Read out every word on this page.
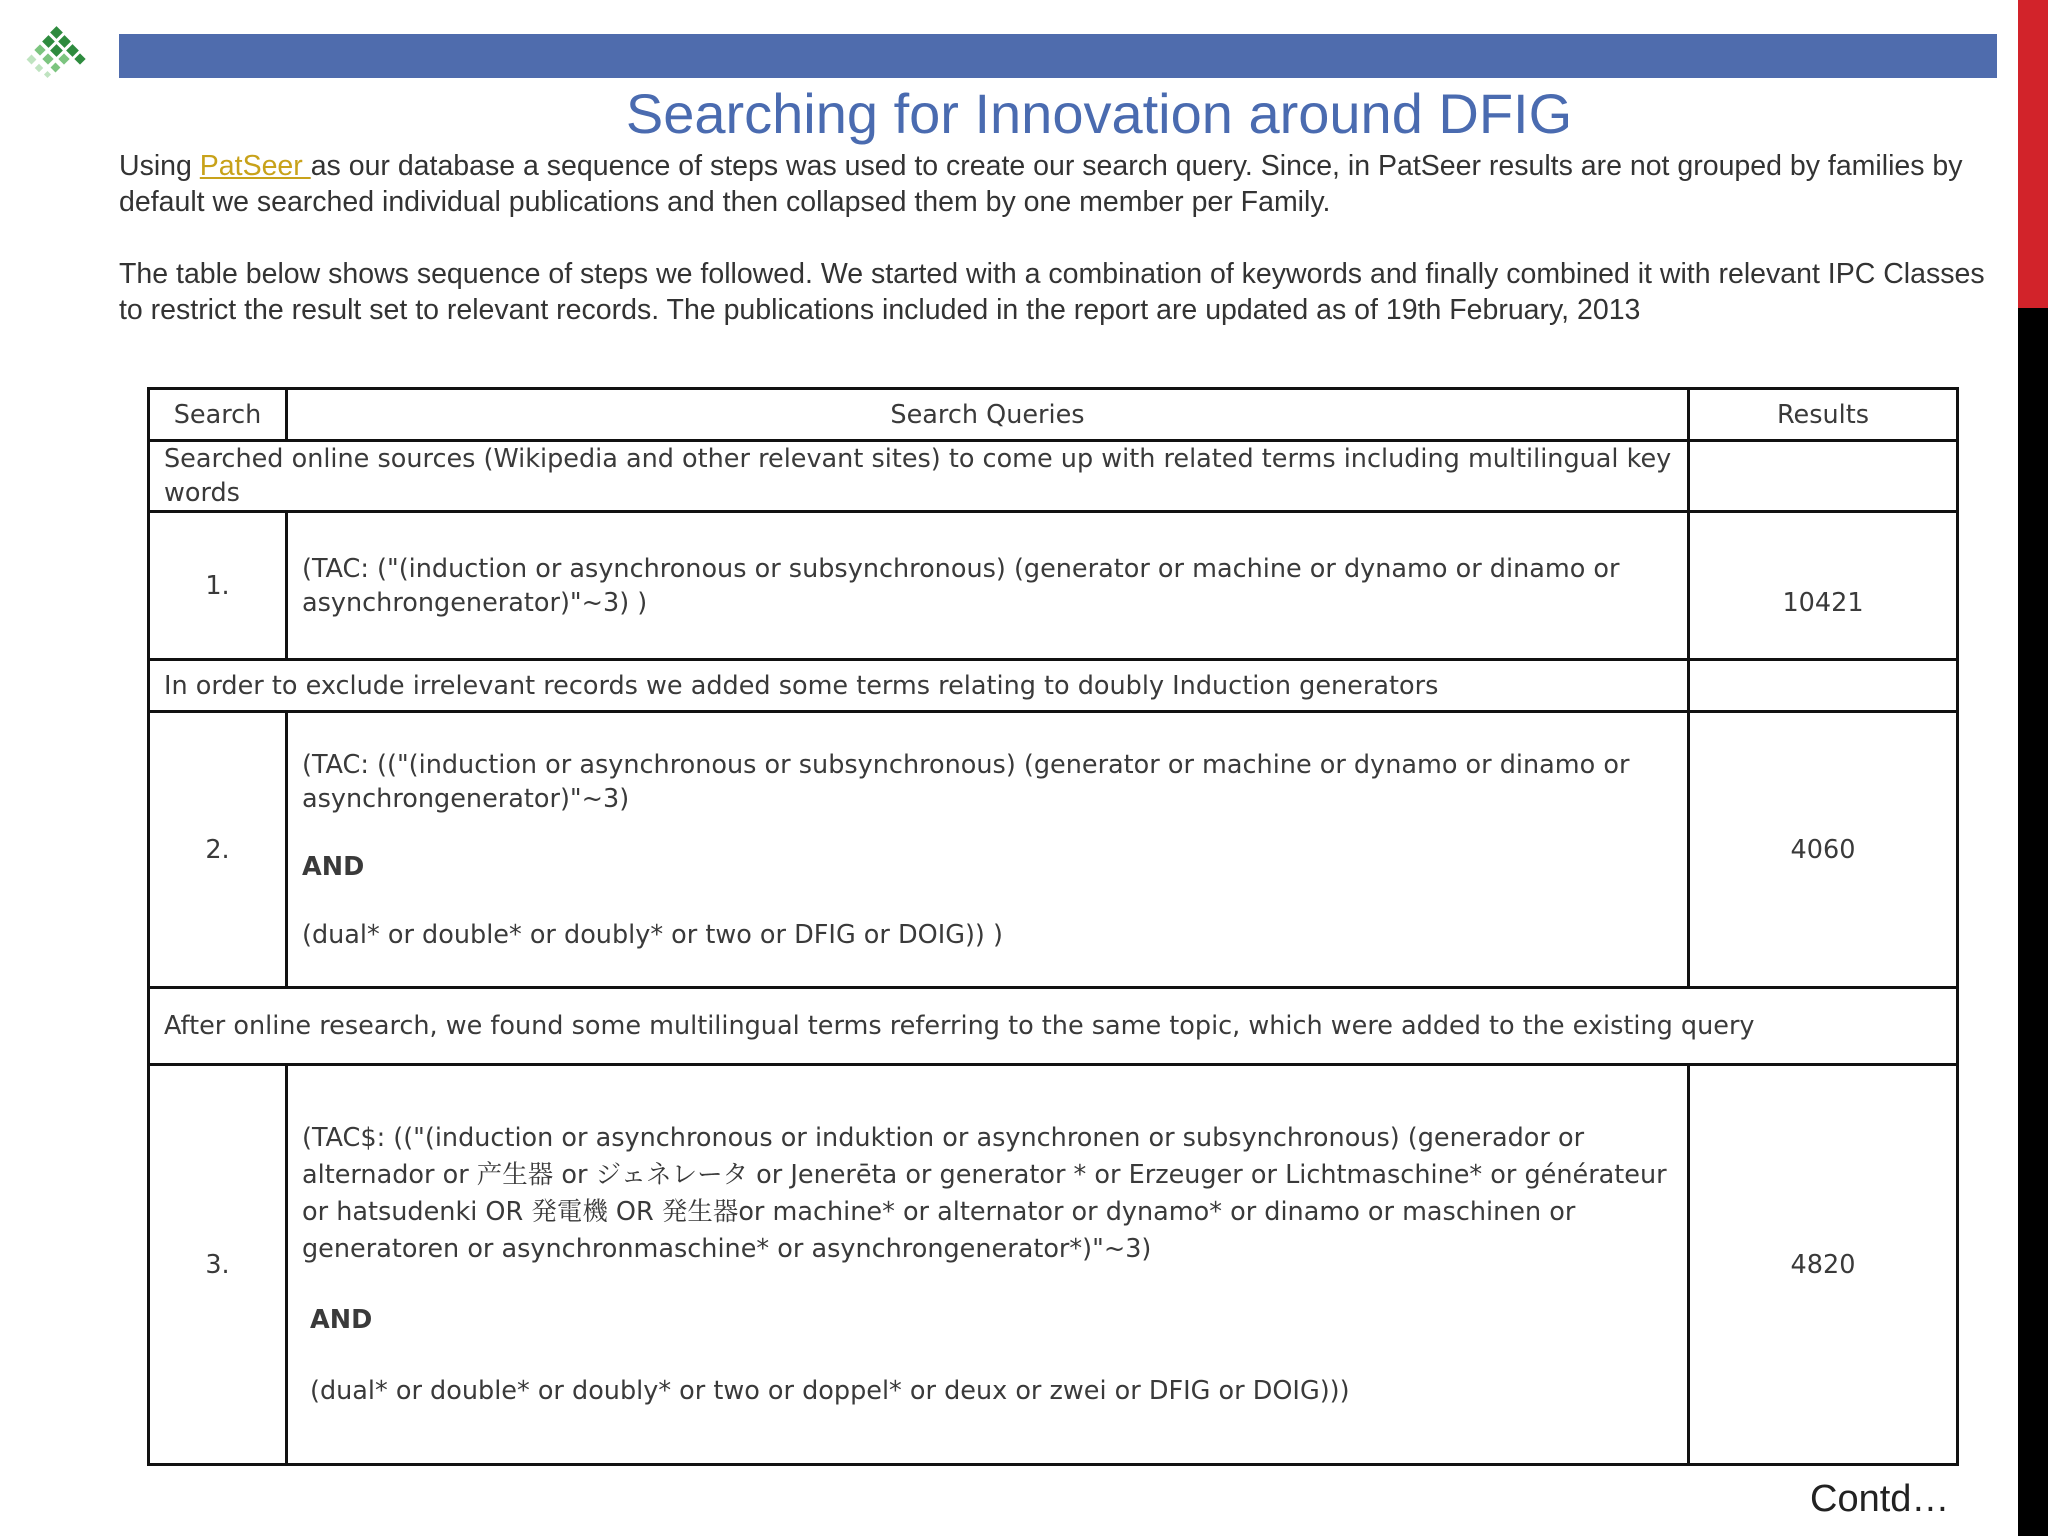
Searching for Innovation around DFIG

Using PatSeer as our database a sequence of steps was used to create our search query. Since, in PatSeer results are not grouped by families by default we searched individual publications and then collapsed them by one member per Family.

The table below shows sequence of steps we followed. We started with a combination of keywords and finally combined it with relevant IPC Classes to restrict the result set to relevant records. The publications included in the report are updated as of 19th February, 2013

Search	Search Queries	Results
Searched online sources (Wikipedia and other relevant sites) to come up with related terms including multilingual key words		
1.	(TAC: ("(induction or asynchronous or subsynchronous) (generator or machine or dynamo or dinamo or asynchrongenerator)"~3) )	10421
In order to exclude irrelevant records we added some terms relating to doubly Induction generators		
2.	(TAC: (("(induction or asynchronous or subsynchronous) (generator or machine or dynamo or dinamo or asynchrongenerator)"~3)
AND
(dual* or double* or doubly* or two or DFIG or DOIG)) )	4060
After online research, we found some multilingual terms referring to the same topic, which were added to the existing query		
3.	(TAC$: (("(induction or asynchronous or induktion or asynchronen or subsynchronous) (generador or alternador or 产生器 or ジェネレータ or Jenerēta or generator * or Erzeuger or Lichtmaschine* or générateur or hatsudenki OR 発電機 OR 発生器or machine* or alternator or dynamo* or dinamo or maschinen or generatoren or asynchronmaschine* or asynchrongenerator*)"~3)
AND
(dual* or double* or doubly* or two or doppel* or deux or zwei or DFIG or DOIG)))	4820
Contd…
